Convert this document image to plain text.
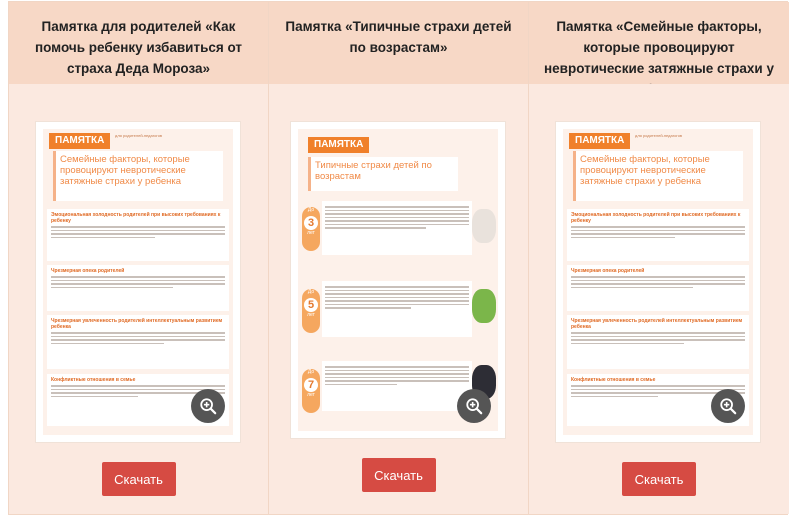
Памятка для родителей «Как помочь ребенку избавиться от страха Деда Мороза»
ПАМЯТКА	для родителей-педагогов
Семейные факторы, которые провоцируют невротические затяжные страхи у ребенка
Эмоциональная холодность родителей при высоких требованиях к ребенку
Чрезмерная опека родителей
Чрезмерная увлеченность родителей интеллектуальным развитием ребенка
Конфликтные отношения в семье
Скачать
Памятка «Типичные страхи детей по возрастам»
ПАМЯТКА
Типичные страхи детей по возрастам
До
3
лет
До
5
лет
До
7
лет
Скачать
Памятка «Семейные факторы, которые провоцируют невротические затяжные страхи у
ПАМЯТКА	для родителей-педагогов
Семейные факторы, которые провоцируют невротические затяжные страхи у ребенка
Эмоциональная холодность родителей при высоких требованиях к ребенку
Чрезмерная опека родителей
Чрезмерная увлеченность родителей интеллектуальным развитием ребенка
Конфликтные отношения в семье
Скачать
